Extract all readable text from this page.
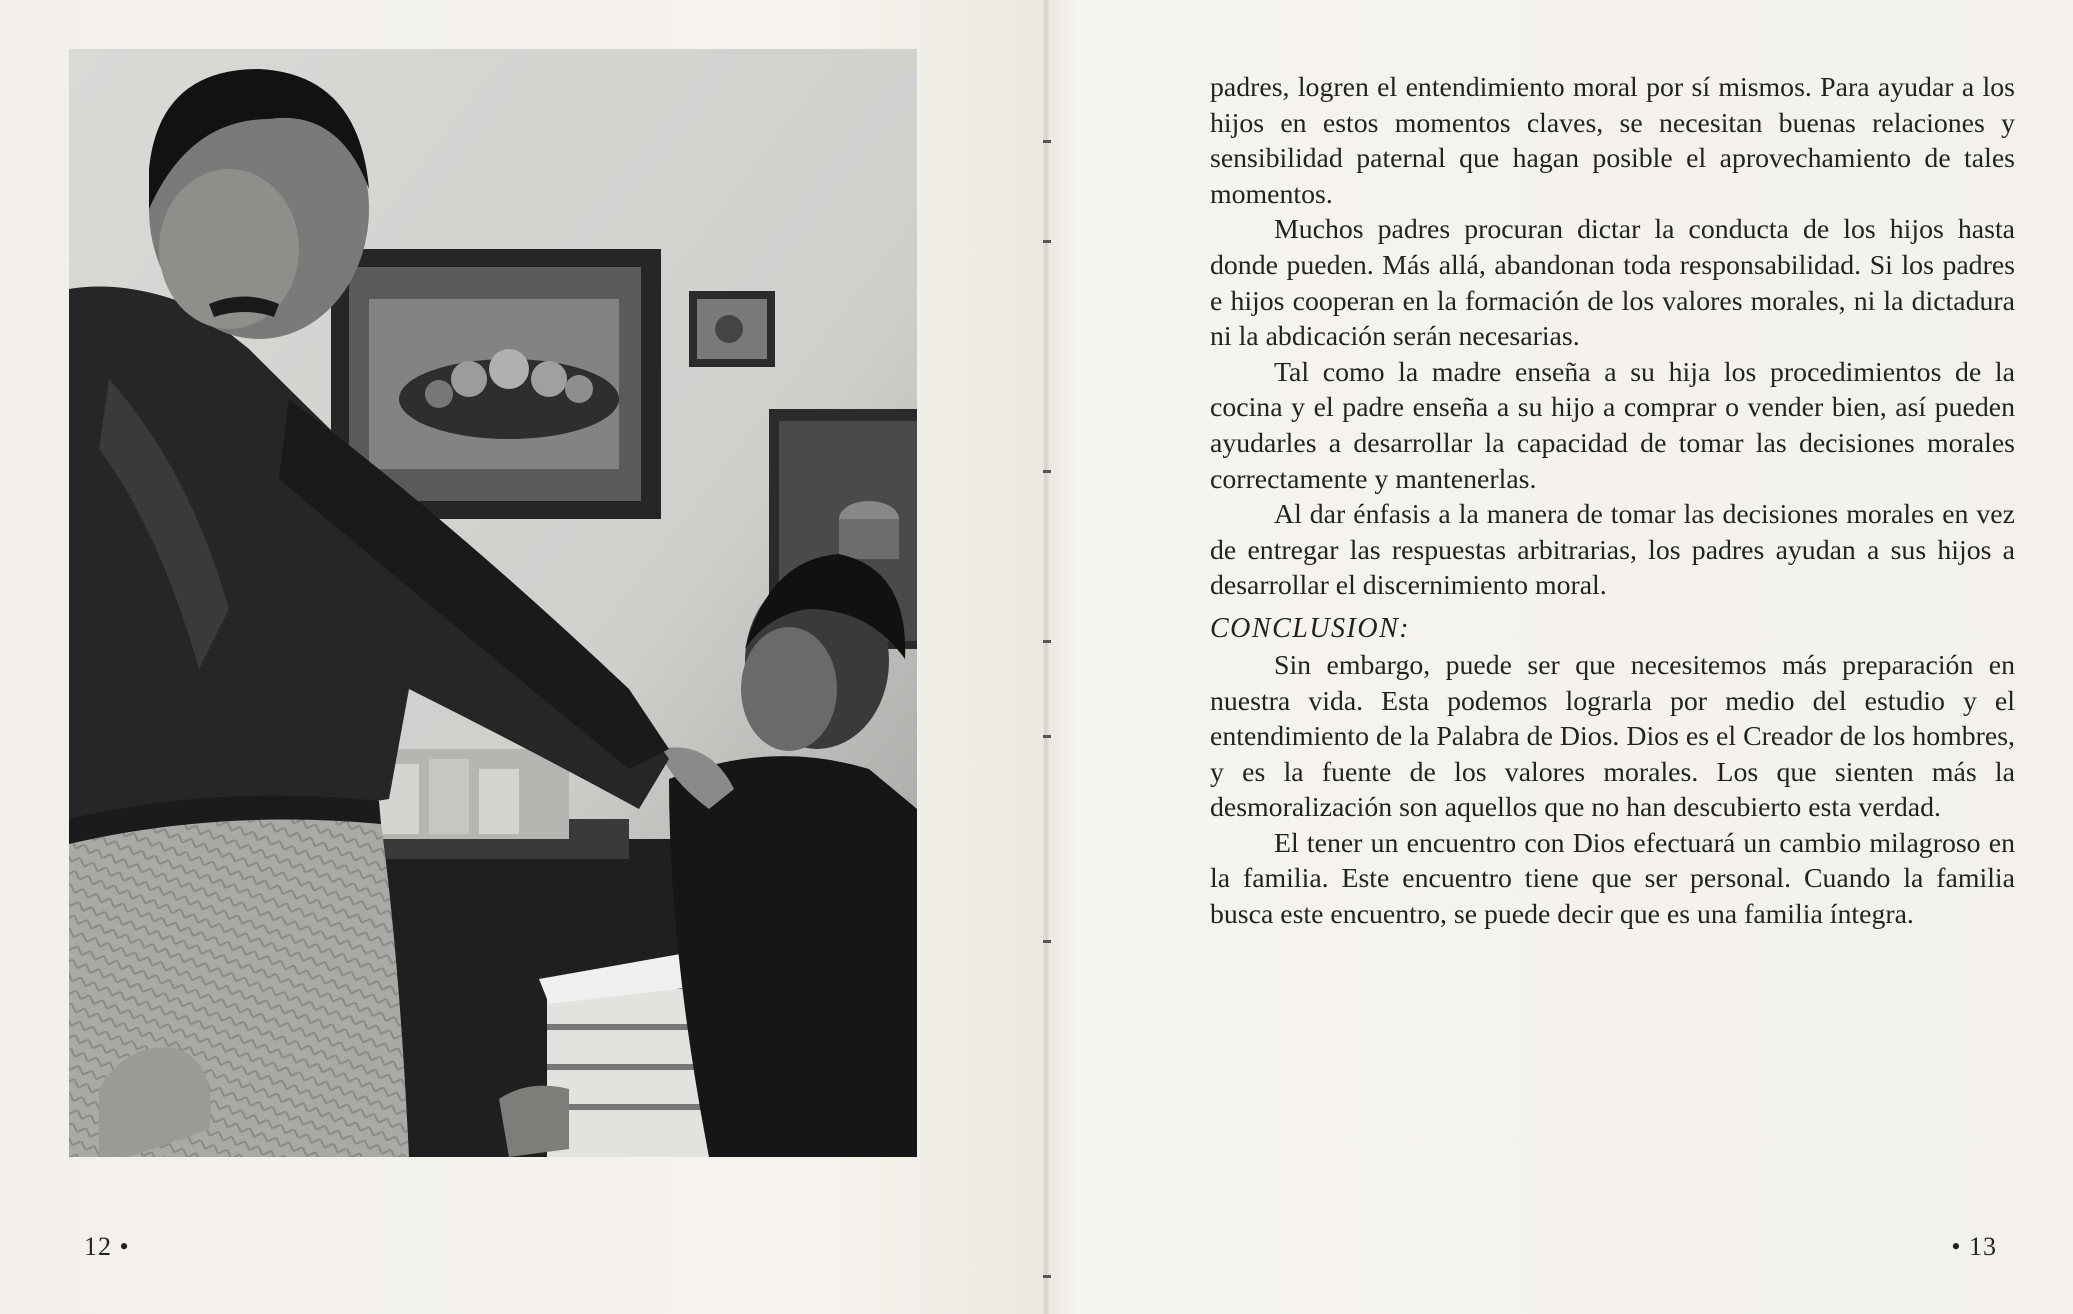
12 •	• 13

padres, logren el entendimiento moral por sí mismos. Para ayudar a los hijos en estos momentos claves, se necesitan buenas relaciones y sensibilidad paternal que hagan posible el aprovechamiento de tales momentos.

Muchos padres procuran dictar la conducta de los hijos hasta donde pueden. Más allá, abandonan toda responsabilidad. Si los padres e hijos cooperan en la formación de los valores morales, ni la dictadura ni la abdicación serán necesarias.

Tal como la madre enseña a su hija los procedimientos de la cocina y el padre enseña a su hijo a comprar o vender bien, así pueden ayudarles a desarrollar la capacidad de tomar las decisiones morales correctamente y mantenerlas.

Al dar énfasis a la manera de tomar las decisiones morales en vez de entregar las respuestas arbitrarias, los padres ayudan a sus hijos a desarrollar el discernimiento moral.

CONCLUSION:

Sin embargo, puede ser que necesitemos más preparación en nuestra vida. Esta podemos lograrla por medio del estudio y el entendimiento de la Palabra de Dios. Dios es el Creador de los hombres, y es la fuente de los valores morales. Los que sienten más la desmoralización son aquellos que no han descubierto esta verdad.

El tener un encuentro con Dios efectuará un cambio milagroso en la familia. Este encuentro tiene que ser personal. Cuando la familia busca este encuentro, se puede decir que es una familia íntegra.
